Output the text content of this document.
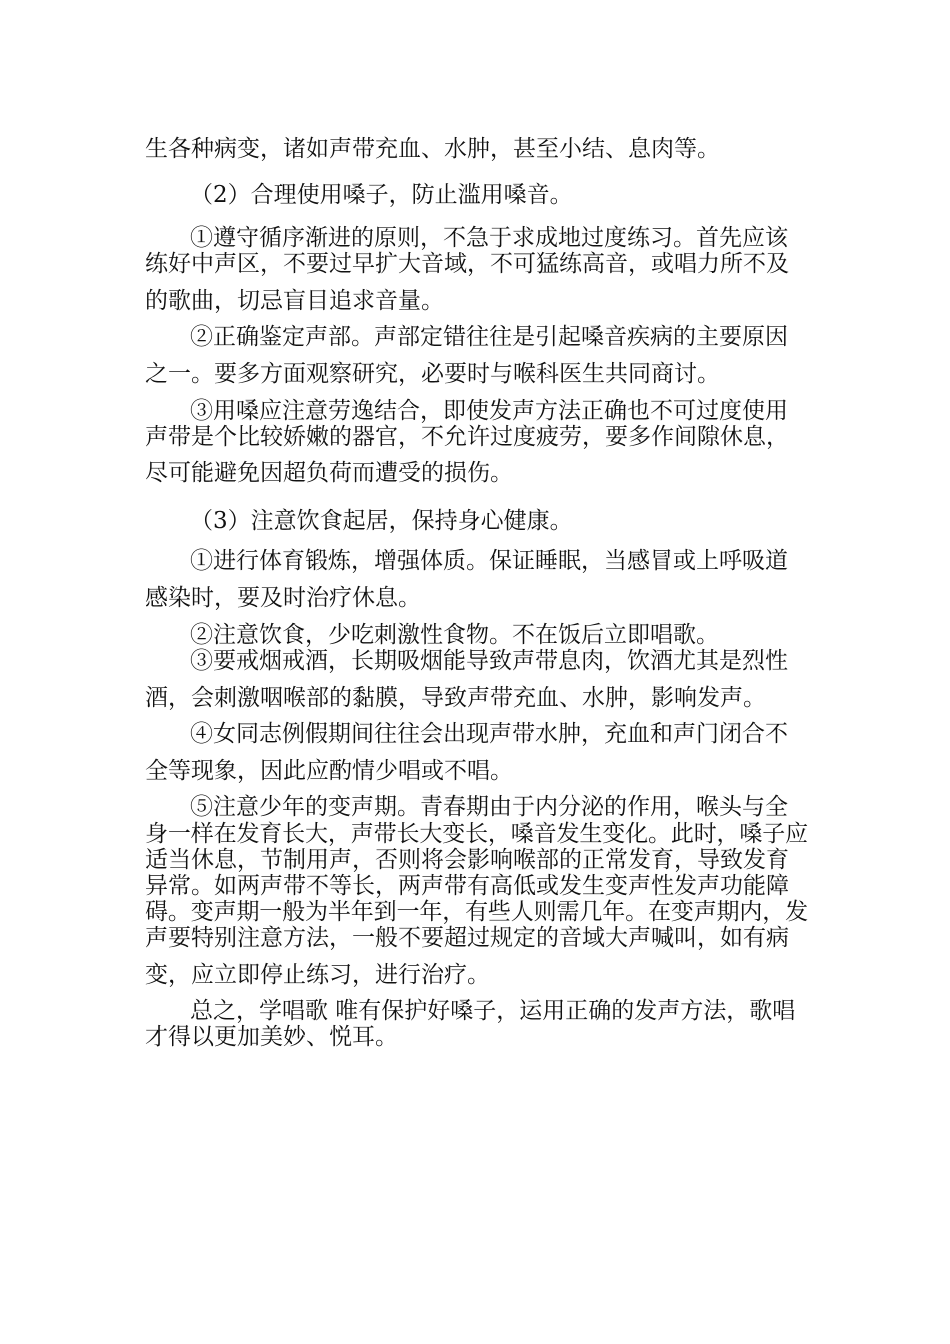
生各种病变，诸如声带充血、水肿，甚至小结、息肉等。
（2）合理使用嗓子，防止滥用嗓音。
①遵守循序渐进的原则，不急于求成地过度练习。首先应该
练好中声区，不要过早扩大音域，不可猛练高音，或唱力所不及
的歌曲，切忌盲目追求音量。
②正确鉴定声部。声部定错往往是引起嗓音疾病的主要原因
之一。要多方面观察研究，必要时与喉科医生共同商讨。
③用嗓应注意劳逸结合，即使发声方法正确也不可过度使用
声带是个比较娇嫩的器官，不允许过度疲劳，要多作间隙休息，
尽可能避免因超负荷而遭受的损伤。
（3）注意饮食起居，保持身心健康。
①进行体育锻炼，增强体质。保证睡眠，当感冒或上呼吸道
感染时，要及时治疗休息。
②注意饮食，少吃刺激性食物。不在饭后立即唱歌。
③要戒烟戒酒，长期吸烟能导致声带息肉，饮酒尤其是烈性
酒，会刺激咽喉部的黏膜，导致声带充血、水肿，影响发声。
④女同志例假期间往往会出现声带水肿，充血和声门闭合不
全等现象，因此应酌情少唱或不唱。
⑤注意少年的变声期。青春期由于内分泌的作用，喉头与全
身一样在发育长大，声带长大变长，嗓音发生变化。此时，嗓子应
适当休息，节制用声，否则将会影响喉部的正常发育，导致发育
异常。如两声带不等长，两声带有高低或发生变声性发声功能障
碍。变声期一般为半年到一年，有些人则需几年。在变声期内，发
声要特别注意方法，一般不要超过规定的音域大声喊叫，如有病
变，应立即停止练习，进行治疗。
总之，学唱歌 唯有保护好嗓子，运用正确的发声方法，歌唱
才得以更加美妙、悦耳。
